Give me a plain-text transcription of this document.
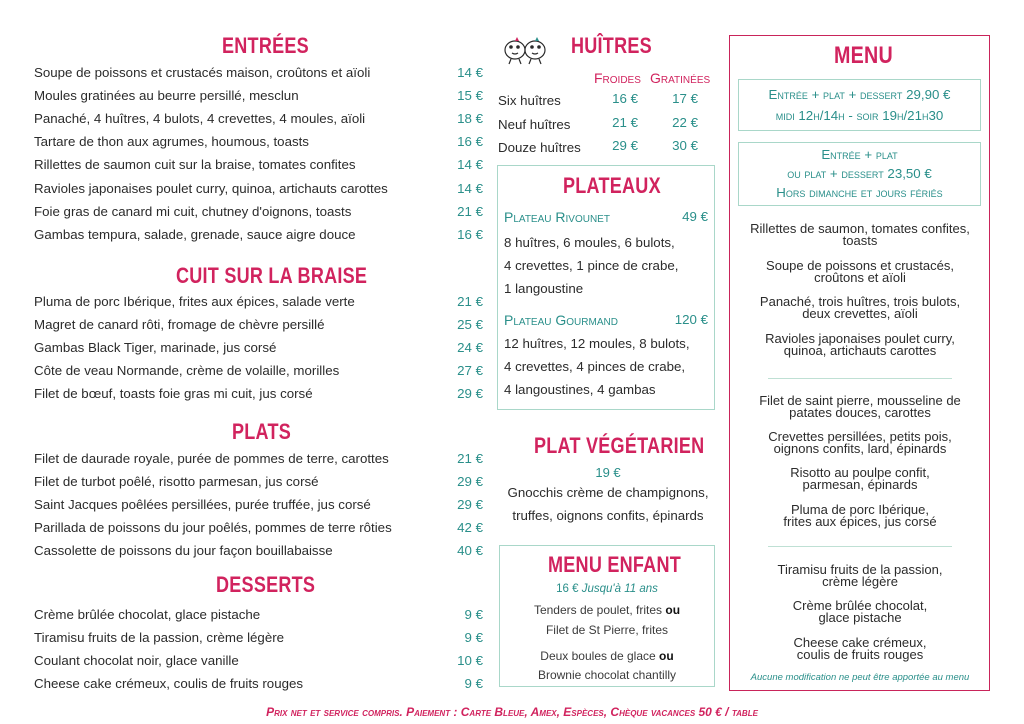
ENTRÉES
Soupe de poissons et crustacés maison, croûtons et aïoli	14 €
Moules gratinées au beurre persillé, mesclun	15 €
Panaché, 4 huîtres, 4 bulots, 4 crevettes, 4 moules, aïoli	18 €
Tartare de thon aux agrumes, houmous, toasts	16 €
Rillettes de saumon cuit sur la braise, tomates confites	14 €
Ravioles japonaises poulet curry, quinoa, artichauts carottes	14 €
Foie gras de canard mi cuit, chutney d'oignons, toasts	21 €
Gambas tempura, salade, grenade, sauce aigre douce	16 €
CUIT SUR LA BRAISE
Pluma de porc Ibérique, frites aux épices, salade verte	21 €
Magret de canard rôti, fromage de chèvre persillé	25 €
Gambas Black Tiger, marinade, jus corsé	24 €
Côte de veau Normande, crème de volaille, morilles	27 €
Filet de bœuf, toasts foie gras mi cuit, jus corsé	29 €
PLATS
Filet de daurade royale, purée de pommes de terre, carottes	21 €
Filet de turbot poêlé, risotto parmesan, jus corsé	29 €
Saint Jacques poêlées persillées, purée truffée, jus corsé	29 €
Parillada de poissons du jour poêlés, pommes de terre rôties	42 €
Cassolette de poissons du jour façon bouillabaisse	40 €
DESSERTS
Crème brûlée chocolat, glace pistache	9 €
Tiramisu fruits de la passion, crème légère	9 €
Coulant chocolat noir, glace vanille	10 €
Cheese cake crémeux, coulis de fruits rouges	9 €
HUÎTRES
Froides Gratinées
Six huîtres	16 €	17 €
Neuf huîtres	21 €	22 €
Douze huîtres	29 €	30 €
PLATEAUX
Plateau Rivounet	49 €
8 huîtres, 6 moules, 6 bulots,
4 crevettes, 1 pince de crabe,
1 langoustine
Plateau Gourmand	120 €
12 huîtres, 12 moules, 8 bulots,
4 crevettes, 4 pinces de crabe,
4 langoustines, 4 gambas
PLAT VÉGÉTARIEN
19 €
Gnocchis crème de champignons,
truffes, oignons confits, épinards
MENU ENFANT
16 € Jusqu'à 11 ans
Tenders de poulet, frites ou
Filet de St Pierre, frites
Deux boules de glace ou
Brownie chocolat chantilly
MENU
Entrée + plat + dessert 29,90 €
midi 12h/14h - soir 19h/21h30
Entrée + plat
ou plat + dessert 23,50 €
Hors dimanche et jours fériés
Rillettes de saumon, tomates confites,
toasts
Soupe de poissons et crustacés,
croûtons et aïoli
Panaché, trois huîtres, trois bulots,
deux crevettes, aïoli
Ravioles japonaises poulet curry,
quinoa, artichauts carottes
Filet de saint pierre, mousseline de
patates douces, carottes
Crevettes persillées, petits pois,
oignons confits, lard, épinards
Risotto au poulpe confit,
parmesan, épinards
Pluma de porc Ibérique,
frites aux épices, jus corsé
Tiramisu fruits de la passion,
crème légère
Crème brûlée chocolat,
glace pistache
Cheese cake crémeux,
coulis de fruits rouges
Aucune modification ne peut être apportée au menu
Prix net et service compris. Paiement : Carte Bleue, Amex, Espèces, Chèque vacances 50 € / table
